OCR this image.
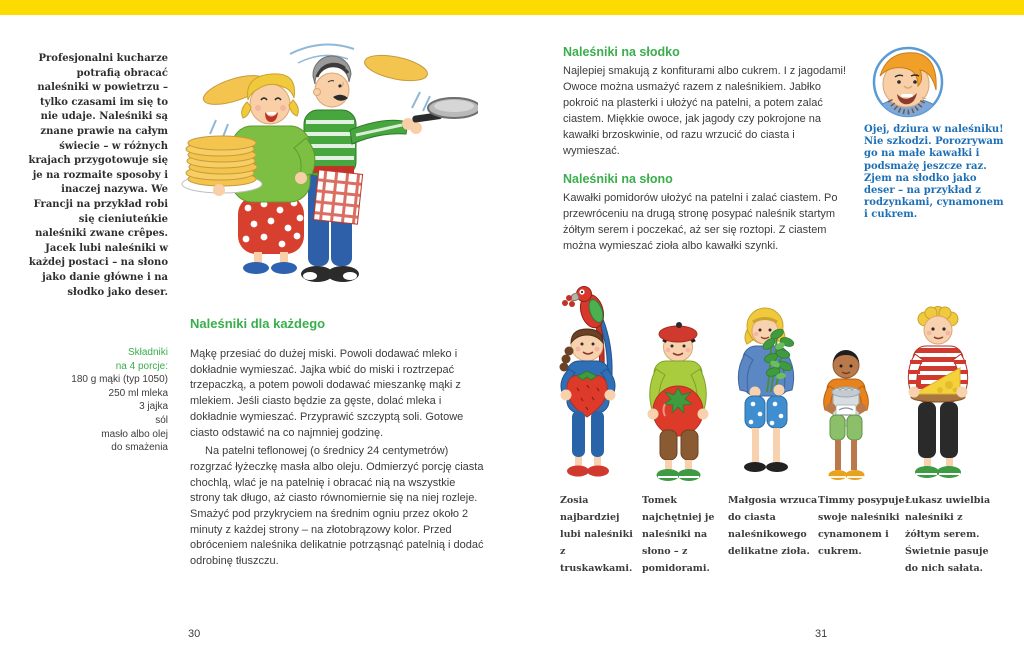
Profesjonalni kucharze potrafią obracać naleśniki w powietrzu – tylko czasami im się to nie udaje. Naleśniki są znane prawie na całym świecie – w różnych krajach przygotowuje się je na rozmaite sposoby i inaczej nazywa. We Francji na przykład robi się cieniuteńkie naleśniki zwane crêpes. Jacek lubi naleśniki w każdej postaci – na słono jako danie główne i na słodko jako deser.
Składniki
na 4 porcje:
180 g mąki (typ 1050)
250 ml mleka
3 jajka
sól
masło albo olej
do smażenia
Naleśniki dla każdego

Mąkę przesiać do dużej miski. Powoli dodawać mleko i dokładnie wymieszać. Jajka wbić do miski i roztrzepać trzepaczką, a potem powoli dodawać mieszankę mąki z mlekiem. Jeśli ciasto będzie za gęste, dolać mleka i dokładnie wymieszać. Przyprawić szczyptą soli. Gotowe ciasto odstawić na co najmniej godzinę.

Na patelni teflonowej (o średnicy 24 centymetrów) rozgrzać łyżeczkę masła albo oleju. Odmierzyć porcję ciasta chochlą, wlać je na patelnię i obracać nią na wszystkie strony tak długo, aż ciasto równomiernie się na niej rozleje. Smażyć pod przykryciem na średnim ogniu przez około 2 minuty z każdej strony – na złotobrązowy kolor. Przed obróceniem naleśnika delikatnie potrząsnąć patelnią i dodać odrobinę tłuszczu.

30
Naleśniki na słodko

Najlepiej smakują z konfiturami albo cukrem. I z jagodami! Owoce można usmażyć razem z naleśnikiem. Jabłko pokroić na plasterki i ułożyć na patelni, a potem zalać ciastem. Miękkie owoce, jak jagody czy pokrojone na kawałki brzoskwinie, od razu wrzucić do ciasta i wymieszać.

Naleśniki na słono

Kawałki pomidorów ułożyć na patelni i zalać ciastem. Po przewróceniu na drugą stronę posypać naleśnik startym żółtym serem i poczekać, aż ser się roztopi. Z ciastem można wymieszać zioła albo kawałki szynki.

Ojej, dziura w naleśniku! Nie szkodzi. Porozrywam go na małe kawałki i podsmażę jeszcze raz. Zjem na słodko jako deser – na przykład z rodzynkami, cynamonem i cukrem.
Zosia najbardziej lubi naleśniki z truskawkami.
Tomek najchętniej je naleśniki na słono – z pomidorami.
Małgosia wrzuca do ciasta naleśnikowego delikatne zioła.
Timmy posypuje swoje naleśniki cynamonem i cukrem.
Łukasz uwielbia naleśniki z żółtym serem. Świetnie pasuje do nich sałata.
31
